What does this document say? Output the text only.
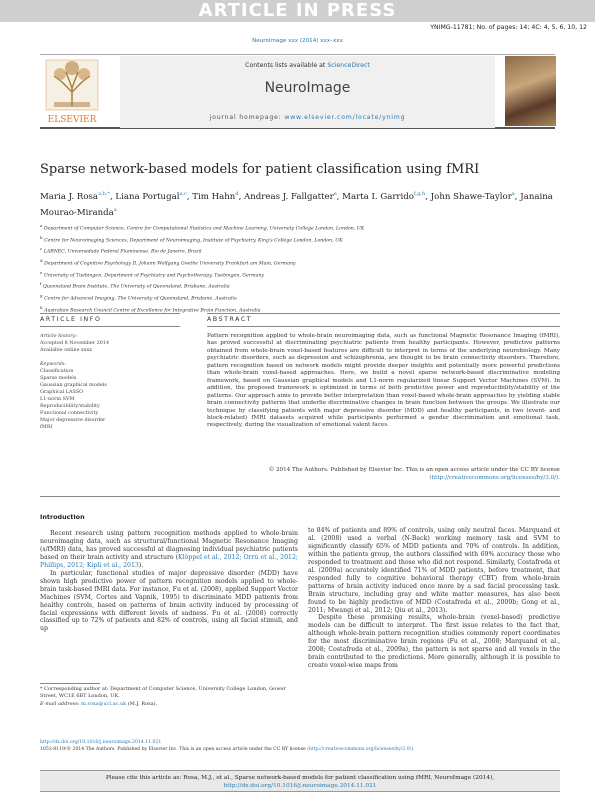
ARTICLE IN PRESS
YNIMG-11781; No. of pages: 14; 4C: 4, 5, 6, 10, 12
NeuroImage xxx (2014) xxx–xxx
ELSEVIER
Contents lists available at ScienceDirect
NeuroImage
journal homepage: www.elsevier.com/locate/ynimg
Sparse network-based models for patient classification using fMRI
Maria J. Rosa$^{a,b,*}$, Liana Portugal$^{a,c}$, Tim Hahn$^d$, Andreas J. Fallgatter$^e$, Marta I. Garrido$^{f,g,h}$, John Shawe-Taylor$^a$, Janaina Mourao-Miranda$^a$
$^a$ Department of Computer Science, Centre for Computational Statistics and Machine Learning, University College London, London, UK
$^b$ Centre for Neuroimaging Sciences, Department of Neuroimaging, Institute of Psychiatry, King's College London, London, UK
$^c$ LABNEC, Universidade Federal Fluminense, Rio de Janeiro, Brazil
$^d$ Department of Cognitive Psychology II, Johann Wolfgang Goethe University Frankfurt am Main, Germany
$^e$ University of Tuebingen, Department of Psychiatry and Psychotherapy, Tuebingen, Germany
$^f$ Queensland Brain Institute, The University of Queensland, Brisbane, Australia
$^g$ Centre for Advanced Imaging, The University of Queensland, Brisbane, Australia
$^h$ Australian Research Council Centre of Excellence for Integrative Brain Function, Australia
ARTICLE INFO	ABSTRACT
Article history:
Accepted 8 November 2014
Available online xxxx
Keywords:
Classification
Sparse models
Gaussian graphical models
Graphical LASSO
L1-norm SVM
Reproducibility/stability
Functional connectivity
Major depressive disorder
fMRI
Pattern recognition applied to whole-brain neuroimaging data, such as functional Magnetic Resonance Imaging (fMRI), has proved successful at discriminating psychiatric patients from healthy participants. However, predictive patterns obtained from whole-brain voxel-based features are difficult to interpret in terms of the underlying neurobiology. Many psychiatric disorders, such as depression and schizophrenia, are thought to be brain connectivity disorders. Therefore, pattern recognition based on network models might provide deeper insights and potentially more powerful predictions than whole-brain voxel-based approaches. Here, we build a novel sparse network-based discriminative modeling framework, based on Gaussian graphical models and L1-norm regularized linear Support Vector Machines (SVM). In addition, the proposed framework is optimized in terms of both predictive power and reproducibility/stability of the patterns. Our approach aims to provide better interpretation than voxel-based whole-brain approaches by yielding stable brain connectivity patterns that underlie discriminative changes in brain function between the groups. We illustrate our technique by classifying patients with major depressive disorder (MDD) and healthy participants, in two (event- and block-related) fMRI datasets acquired while participants performed a gender discrimination and emotional task, respectively, during the visualization of emotional valent faces.
© 2014 The Authors. Published by Elsevier Inc. This is an open access article under the CC BY license
(http://creativecommons.org/licenses/by/3.0/).
Introduction

Recent research using pattern recognition methods applied to whole-brain neuroimaging data, such as structural/functional Magnetic Resonance Imaging (s/fMRI) data, has proved successful at diagnosing individual psychiatric patients based on their brain activity and structure (Klöppel et al., 2012; Orrù et al., 2012; Phillips, 2012; Kipli et al., 2013).

In particular, functional studies of major depressive disorder (MDD) have shown high predictive power of pattern recognition models applied to whole-brain task-based fMRI data. For instance, Fu et al. (2008), applied Support Vector Machines (SVM, Cortes and Vapnik, 1995) to discriminate MDD patients from healthy controls, based on patterns of brain activity induced by processing of facial expressions with different levels of sadness. Fu et al. (2008) correctly classified up to 72% of patients and 82% of controls, using all facial stimuli, and up

to 84% of patients and 89% of controls, using only neutral faces. Marquand et al. (2008) used a verbal (N-Back) working memory task and SVM to significantly classify 65% of MDD patients and 70% of controls. In addition, within the patients group, the authors classified with 69% accuracy those who responded to treatment and those who did not respond. Similarly, Costafreda et al. (2009a) accurately identified 71% of MDD patients, before treatment, that responded fully to cognitive behavioral therapy (CBT) from whole-brain patterns of brain activity induced once more by a sad facial processing task. Brain structure, including gray and white matter measures, has also been found to be highly predictive of MDD (Costafreda et al., 2009b; Gong et al., 2011; Mwangi et al., 2012; Qiu et al., 2013).

Despite these promising results, whole-brain (voxel-based) predictive models can be difficult to interpret. The first issue relates to the fact that, although whole-brain pattern recognition studies commonly report coordinates for the most discriminative brain regions (Fu et al., 2008; Marquand et al., 2008; Costafreda et al., 2009a), the pattern is not sparse and all voxels in the brain contributed to the predictions. More generally, although it is possible to create voxel-wise maps from

* Corresponding author at: Department of Computer Science, University College London, Gower Street, WC1E 6BT London, UK.
E-mail address: m.rosa@ucl.ac.uk (M.J. Rosa).
http://dx.doi.org/10.1016/j.neuroimage.2014.11.021
1053-8119/© 2014 The Authors. Published by Elsevier Inc. This is an open access article under the CC BY license (http://creativecommons.org/licenses/by/3.0/).
Please cite this article as: Rosa, M.J., et al., Sparse network-based models for patient classification using fMRI, NeuroImage (2014), http://dx.doi.org/10.1016/j.neuroimage.2014.11.021
